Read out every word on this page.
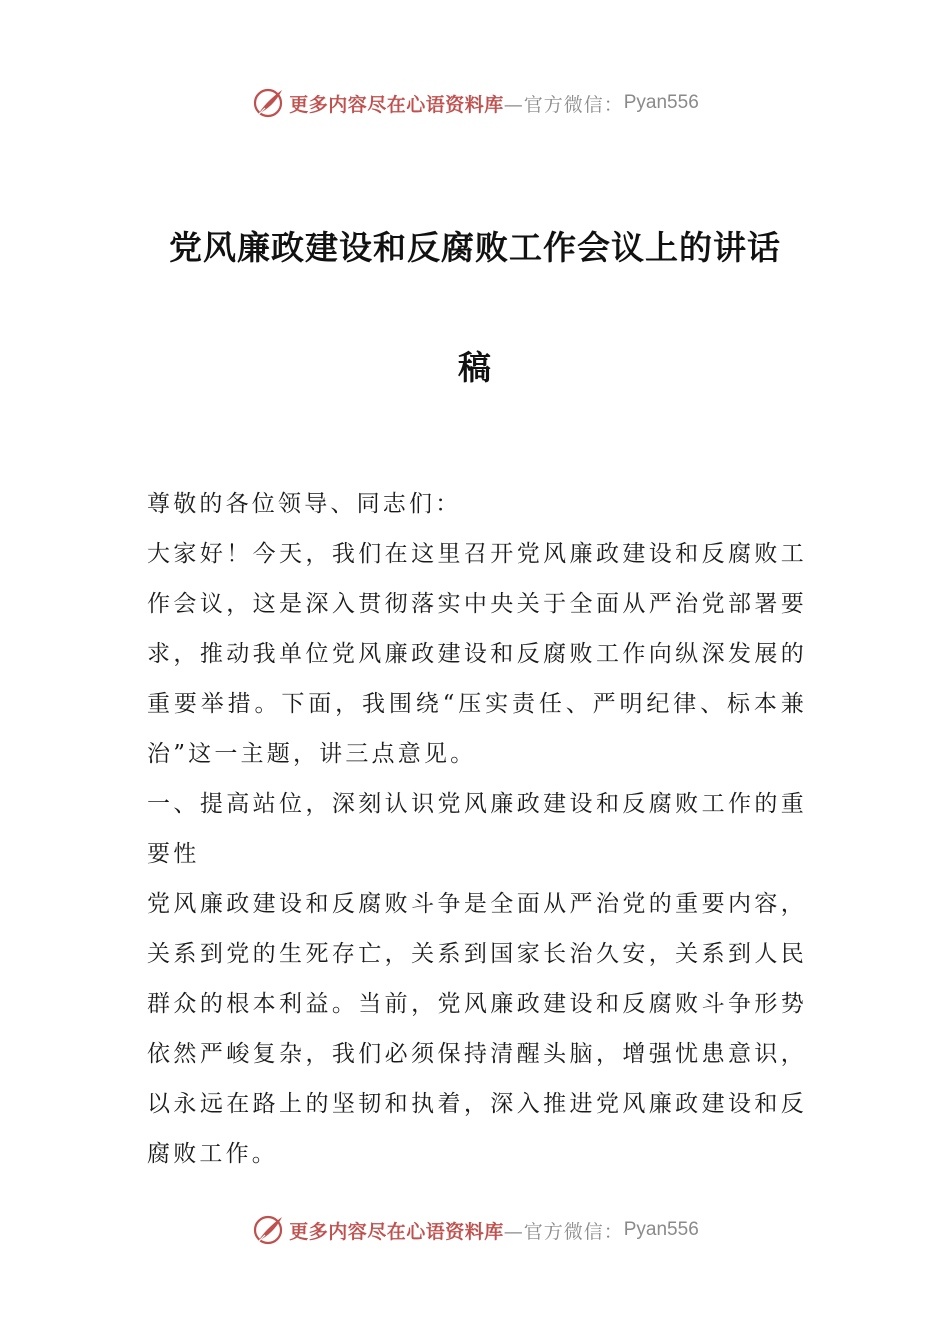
更多内容尽在心语资料库 —官方微信： Pyan556
党风廉政建设和反腐败工作会议上的讲话
稿

尊敬的各位领导、同志们：

大家好！今天，我们在这里召开党风廉政建设和反腐败工作会议，这是深入贯彻落实中央关于全面从严治党部署要求，推动我单位党风廉政建设和反腐败工作向纵深发展的重要举措。下面，我围绕“压实责任、严明纪律、标本兼治”这一主题，讲三点意见。

一、提高站位，深刻认识党风廉政建设和反腐败工作的重要性

党风廉政建设和反腐败斗争是全面从严治党的重要内容，关系到党的生死存亡，关系到国家长治久安，关系到人民群众的根本利益。当前，党风廉政建设和反腐败斗争形势依然严峻复杂，我们必须保持清醒头脑，增强忧患意识，以永远在路上的坚韧和执着，深入推进党风廉政建设和反腐败工作。

更多内容尽在心语资料库 —官方微信： Pyan556
